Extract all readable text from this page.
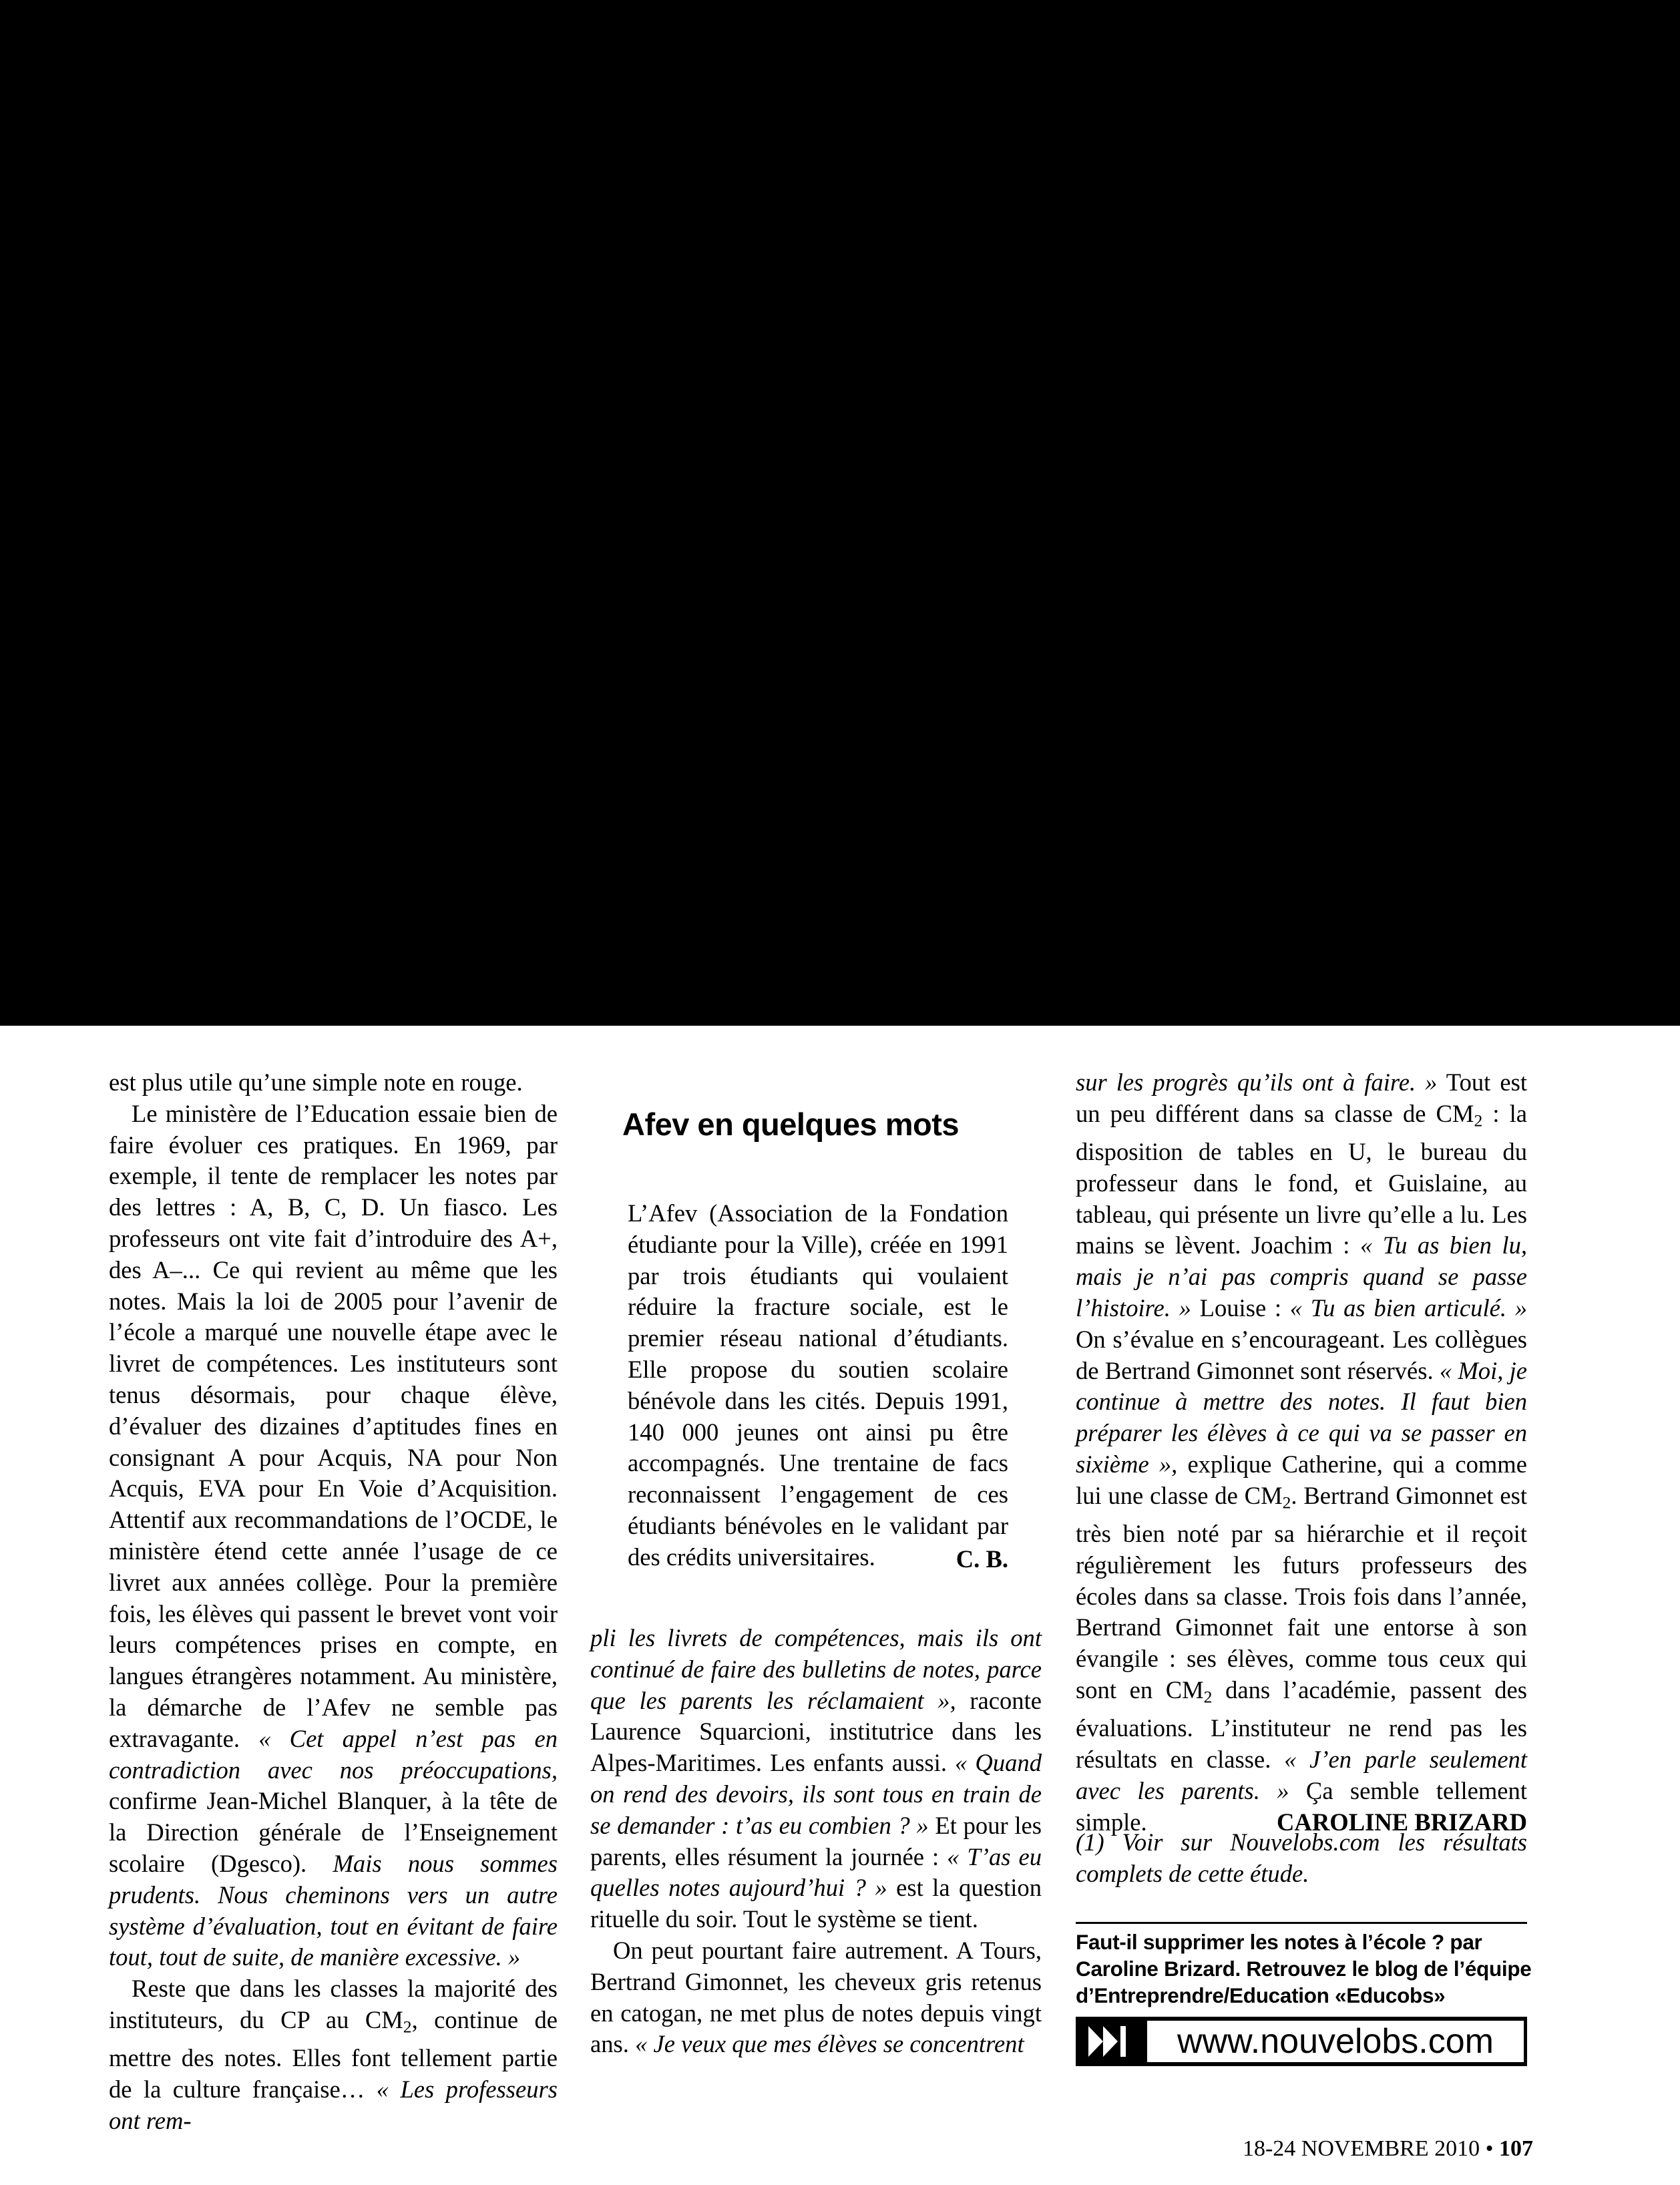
est plus utile qu’une simple note en rouge.

Le ministère de l’Education essaie bien de faire évoluer ces pratiques. En 1969, par exemple, il tente de remplacer les notes par des lettres : A, B, C, D. Un fiasco. Les professeurs ont vite fait d’introduire des A+, des A–... Ce qui revient au même que les notes. Mais la loi de 2005 pour l’avenir de l’école a marqué une nouvelle étape avec le livret de compétences. Les instituteurs sont tenus désormais, pour chaque élève, d’évaluer des dizaines d’aptitudes fines en consignant A pour Acquis, NA pour Non Acquis, EVA pour En Voie d’Acquisition. Attentif aux recommandations de l’OCDE, le ministère étend cette année l’usage de ce livret aux années collège. Pour la première fois, les élèves qui passent le brevet vont voir leurs compétences prises en compte, en langues étrangères notamment. Au ministère, la démarche de l’Afev ne semble pas extravagante. « Cet appel n’est pas en contradiction avec nos préoccupations, confirme Jean-Michel Blanquer, à la tête de la Direction générale de l’Enseignement scolaire (Dgesco). Mais nous sommes prudents. Nous cheminons vers un autre système d’évaluation, tout en évitant de faire tout, tout de suite, de manière excessive. »

Reste que dans les classes la majorité des instituteurs, du CP au $CM_2$, continue de mettre des notes. Elles font tellement partie de la culture française… « Les professeurs ont rem-

Afev en quelques mots
L’Afev (Association de la Fondation étudiante pour la Ville), créée en 1991 par trois étudiants qui voulaient réduire la fracture sociale, est le premier réseau national d’étudiants. Elle propose du soutien scolaire bénévole dans les cités. Depuis 1991, 140 000 jeunes ont ainsi pu être accompagnés. Une trentaine de facs reconnaissent l’engagement de ces étudiants bénévoles en le validant par des crédits universitaires.	C. B.

pli les livrets de compétences, mais ils ont continué de faire des bulletins de notes, parce que les parents les réclamaient », raconte Laurence Squarcioni, institutrice dans les Alpes-Maritimes. Les enfants aussi. « Quand on rend des devoirs, ils sont tous en train de se demander : t’as eu combien ? » Et pour les parents, elles résument la journée : « T’as eu quelles notes aujourd’hui ? » est la question rituelle du soir. Tout le système se tient.

On peut pourtant faire autrement. A Tours, Bertrand Gimonnet, les cheveux gris retenus en catogan, ne met plus de notes depuis vingt ans. « Je veux que mes élèves se concentrent

sur les progrès qu’ils ont à faire. » Tout est un peu différent dans sa classe de $CM_2$ : la disposition de tables en U, le bureau du professeur dans le fond, et Guislaine, au tableau, qui présente un livre qu’elle a lu. Les mains se lèvent. Joachim : « Tu as bien lu, mais je n’ai pas compris quand se passe l’histoire. » Louise : « Tu as bien articulé. » On s’évalue en s’encourageant. Les collègues de Bertrand Gimonnet sont réservés. « Moi, je continue à mettre des notes. Il faut bien préparer les élèves à ce qui va se passer en sixième », explique Catherine, qui a comme lui une classe de $CM_2$. Bertrand Gimonnet est très bien noté par sa hiérarchie et il reçoit régulièrement les futurs professeurs des écoles dans sa classe. Trois fois dans l’année, Bertrand Gimonnet fait une entorse à son évangile : ses élèves, comme tous ceux qui sont en $CM_2$ dans l’académie, passent des évaluations. L’instituteur ne rend pas les résultats en classe. « J’en parle seulement avec les parents. » Ça semble tellement simple.	CAROLINE BRIZARD

(1) Voir sur Nouvelobs.com les résultats complets de cette étude.
Faut-il supprimer les notes à l’école ? par Caroline Brizard. Retrouvez le blog de l’équipe d’Entreprendre/Education «Educobs»
www.nouvelobs.com
18-24 NOVEMBRE 2010 • 107
